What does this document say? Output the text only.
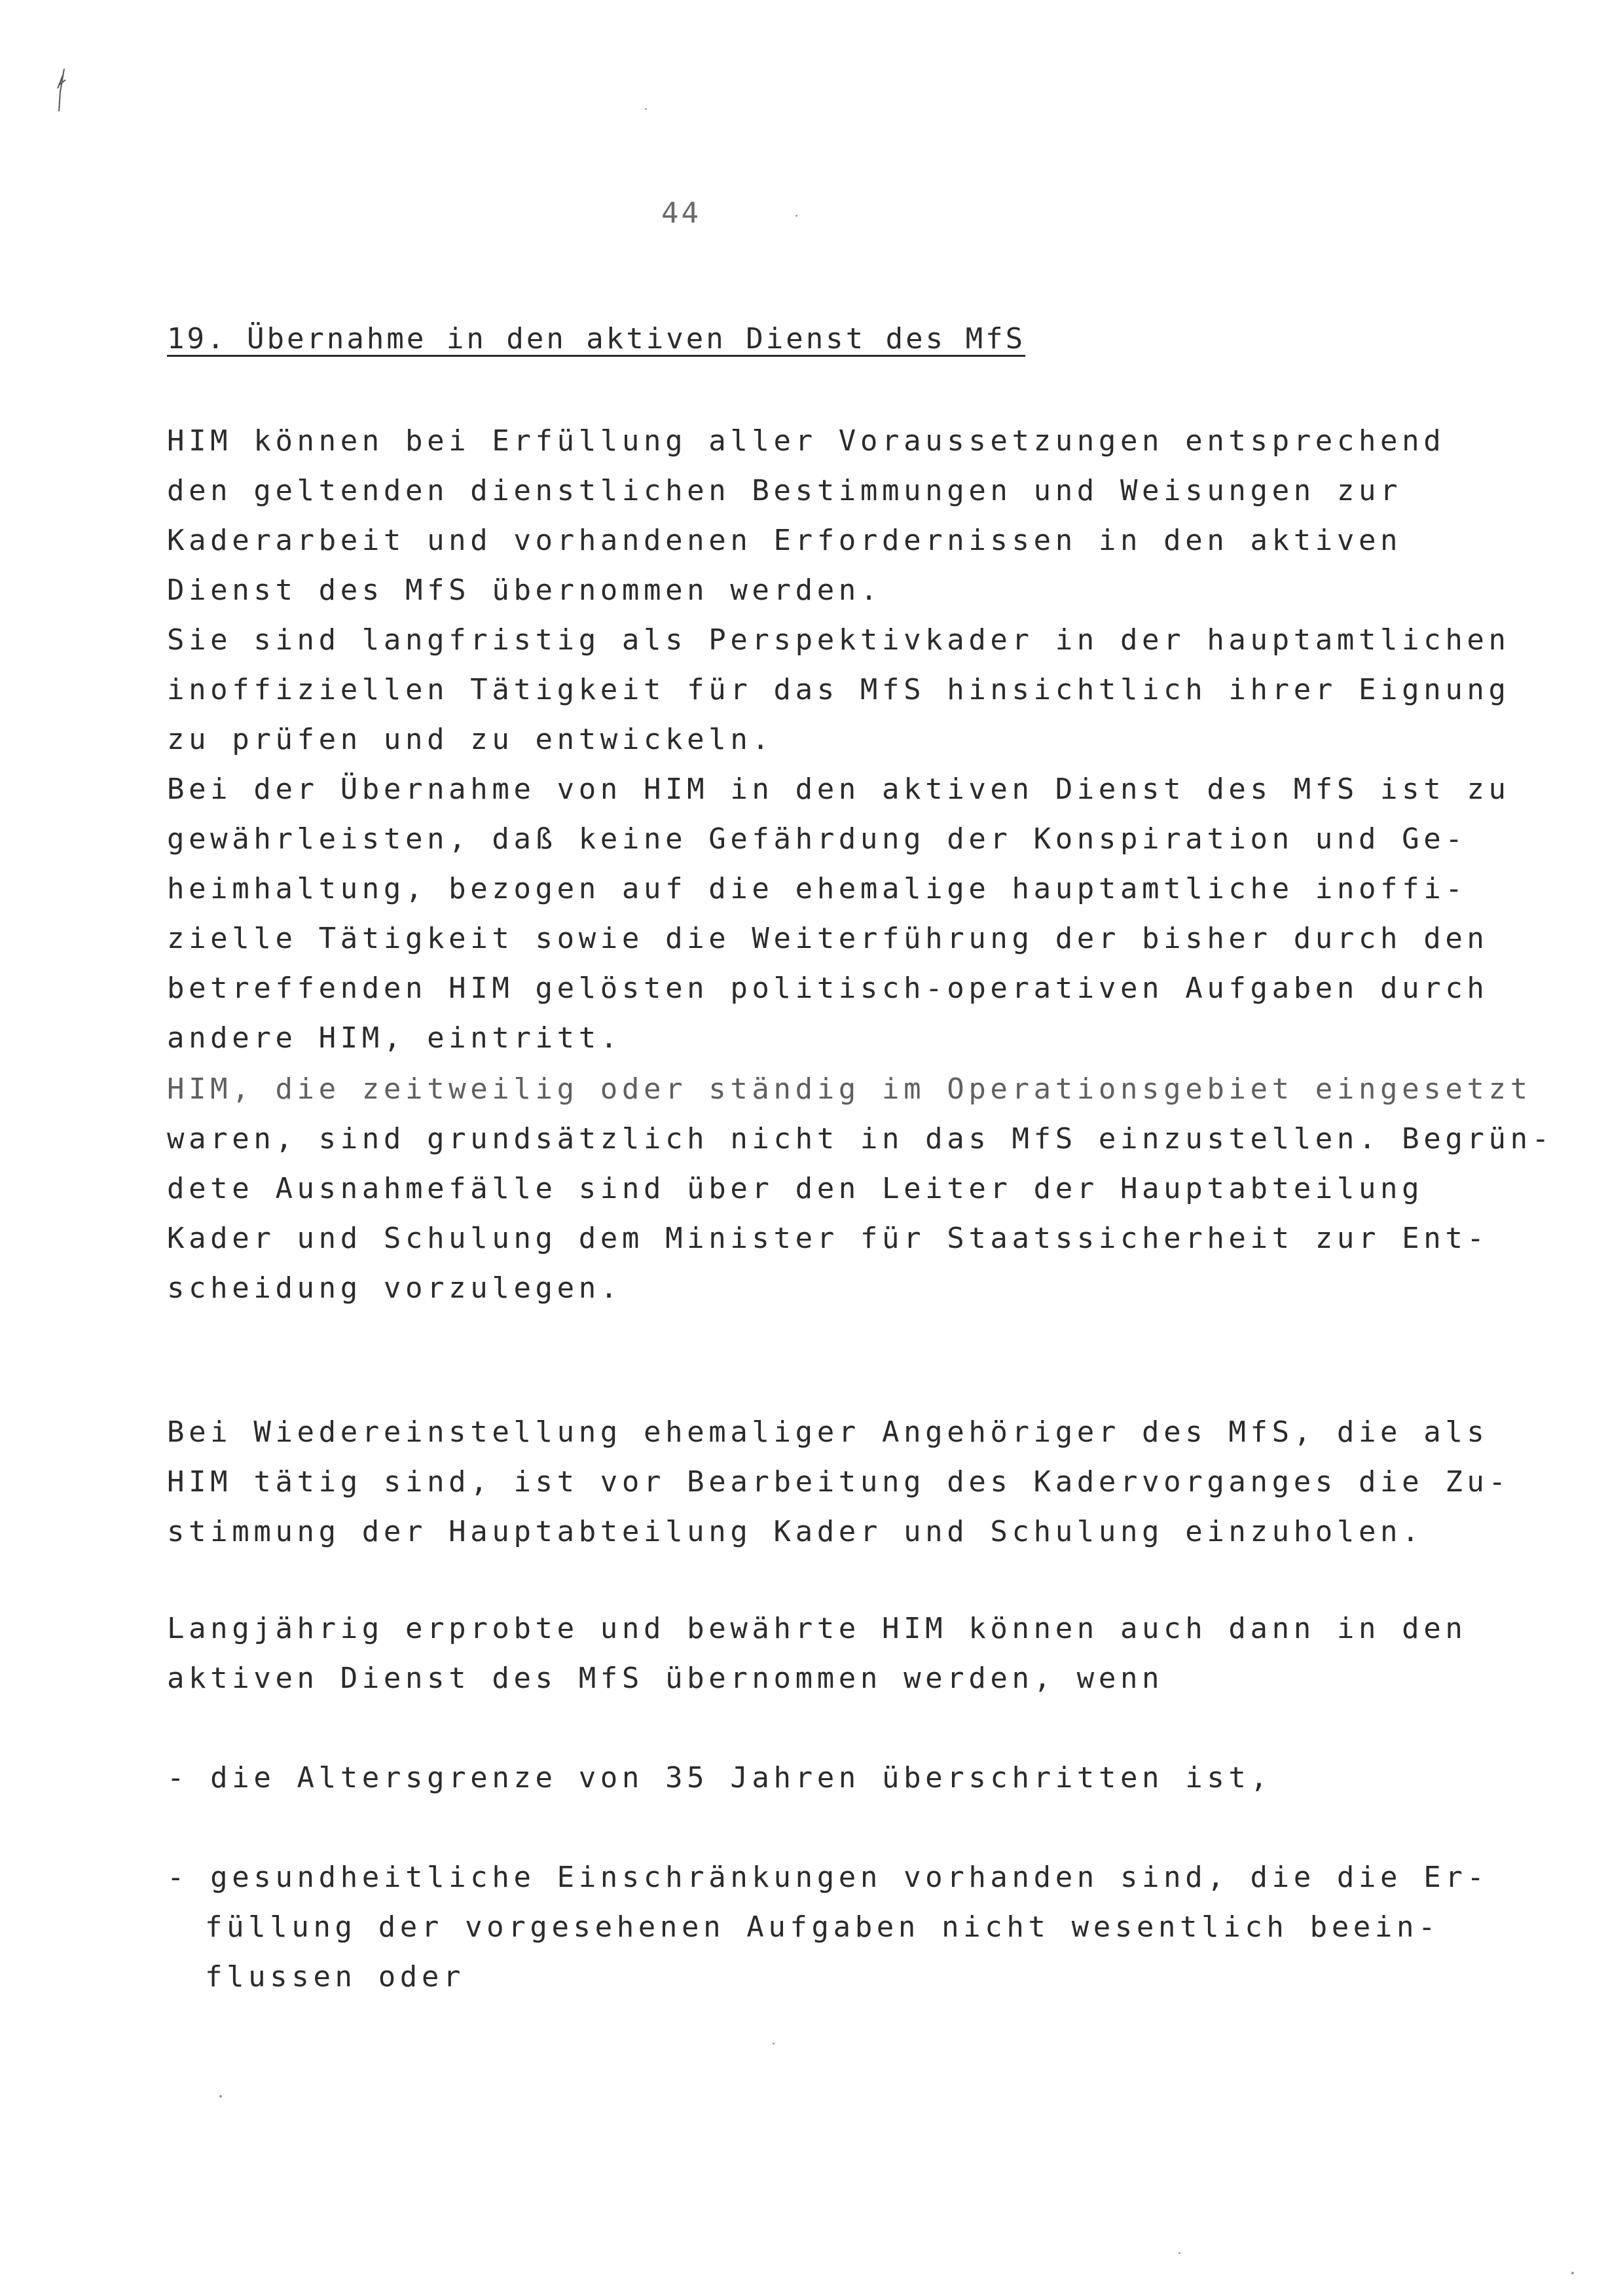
44
19. Übernahme in den aktiven Dienst des MfS
HIM können bei Erfüllung aller Voraussetzungen entsprechend
den geltenden dienstlichen Bestimmungen und Weisungen zur
Kaderarbeit und vorhandenen Erfordernissen in den aktiven
Dienst des MfS übernommen werden.
Sie sind langfristig als Perspektivkader in der hauptamtlichen
inoffiziellen Tätigkeit für das MfS hinsichtlich ihrer Eignung
zu prüfen und zu entwickeln.
Bei der Übernahme von HIM in den aktiven Dienst des MfS ist zu
gewährleisten, daß keine Gefährdung der Konspiration und Ge-
heimhaltung, bezogen auf die ehemalige hauptamtliche inoffi-
zielle Tätigkeit sowie die Weiterführung der bisher durch den
betreffenden HIM gelösten politisch-operativen Aufgaben durch
andere HIM, eintritt.
HIM, die zeitweilig oder ständig im Operationsgebiet eingesetzt
waren, sind grundsätzlich nicht in das MfS einzustellen. Begrün-
dete Ausnahmefälle sind über den Leiter der Hauptabteilung
Kader und Schulung dem Minister für Staatssicherheit zur Ent-
scheidung vorzulegen.
Bei Wiedereinstellung ehemaliger Angehöriger des MfS, die als
HIM tätig sind, ist vor Bearbeitung des Kadervorganges die Zu-
stimmung der Hauptabteilung Kader und Schulung einzuholen.
Langjährig erprobte und bewährte HIM können auch dann in den
aktiven Dienst des MfS übernommen werden, wenn
- die Altersgrenze von 35 Jahren überschritten ist,
- gesundheitliche Einschränkungen vorhanden sind, die die Er-
füllung der vorgesehenen Aufgaben nicht wesentlich beein-
flussen oder
